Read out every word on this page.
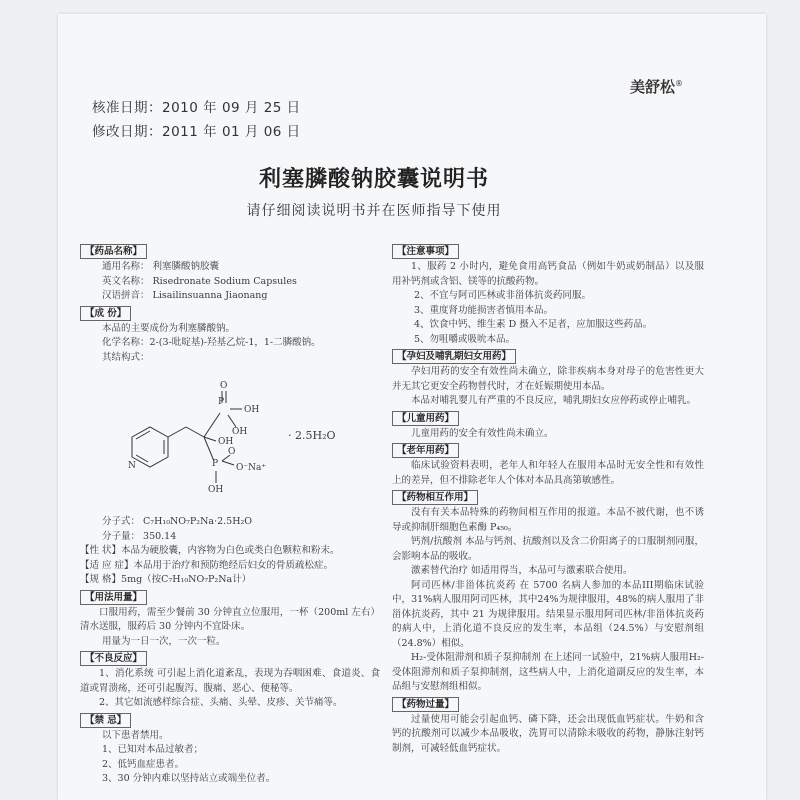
核准日期：2010 年 09 月 25 日
修改日期：2011 年 01 月 06 日
美舒松®
利塞膦酸钠胶囊说明书
请仔细阅读说明书并在医师指导下使用
【药品名称】
通用名称： 利塞膦酸钠胶囊
英文名称： Risedronate Sodium Capsules
汉语拼音： Lisailinsuanna Jiaonang
【成 份】
本品的主要成份为利塞膦酸钠。
化学名称：2-(3-吡啶基)-羟基乙烷-1，1-二膦酸钠。
其结构式：
P
O
OH
OH
OH
P
O
O⁻Na⁺
OH
N
· 2.5H₂O
分子式： C₇H₁₀NO₇P₂Na·2.5H₂O
分子量： 350.14
【性 状】本品为硬胶囊，内容物为白色或类白色颗粒和粉末。
【适 应 症】本品用于治疗和预防绝经后妇女的骨质疏松症。
【规 格】5mg（按C₇H₁₀NO₇P₂Na计）
【用法用量】
口服用药，需至少餐前 30 分钟直立位服用，一杯（200ml 左右）清水送服，服药后 30 分钟内不宜卧床。
用量为一日一次，一次一粒。
【不良反应】
1、消化系统 可引起上消化道紊乱，表现为吞咽困难、食道炎、食道或胃溃疡，还可引起腹泻、腹痛、恶心、便秘等。
2、其它如流感样综合症、头痛、头晕、皮疹、关节痛等。
【禁 忌】
以下患者禁用。
1、已知对本品过敏者；
2、低钙血症患者。
3、30 分钟内难以坚持站立或端坐位者。
【注意事项】
1、服药 2 小时内，避免食用高钙食品（例如牛奶或奶制品）以及服用补钙剂或含铝、镁等的抗酸药物。
2、不宜与阿司匹林或非甾体抗炎药同服。
3、重度肾功能损害者慎用本品。
4、饮食中钙、维生素 D 摄入不足者，应加服这些药品。
5、勿咀嚼或吸吮本品。
【孕妇及哺乳期妇女用药】
孕妇用药的安全有效性尚未确立，除非疾病本身对母子的危害性更大并无其它更安全药物替代时，才在妊娠期使用本品。
本品对哺乳婴儿有严重的不良反应，哺乳期妇女应停药或停止哺乳。
【儿童用药】
儿童用药的安全有效性尚未确立。
【老年用药】
临床试验资料表明，老年人和年轻人在服用本品时无安全性和有效性上的差异，但不排除老年人个体对本品具高第敏感性。
【药物相互作用】
没有有关本品特殊的药物间相互作用的报道。本品不被代谢，也不诱导或抑制肝细胞色素酶 P₄₅₀。
钙剂/抗酸剂 本品与钙剂、抗酸剂以及含二价阳离子的口服制剂同服，会影响本品的吸收。
激素替代治疗 如适用得当，本品可与激素联合使用。
阿司匹林/非甾体抗炎药 在 5700 名病人参加的本品III期临床试验中，31%病人服用阿司匹林，其中24%为规律服用，48%的病人服用了非甾体抗炎药，其中 21 为规律服用。结果显示服用阿司匹林/非甾体抗炎药的病人中，上消化道不良反应的发生率，本品组（24.5%）与安慰剂组（24.8%）相似。
H₂-受体阻滞剂和质子泵抑制剂 在上述同一试验中，21%病人服用H₂-受体阻滞剂和质子泵抑制剂，这些病人中，上消化道副反应的发生率，本品组与安慰剂组相似。
【药物过量】
过量使用可能会引起血钙、磷下降，还会出现低血钙症状。牛奶和含钙的抗酸剂可以减少本品吸收，洗胃可以清除未吸收的药物，静脉注射钙制剂，可减轻低血钙症状。
